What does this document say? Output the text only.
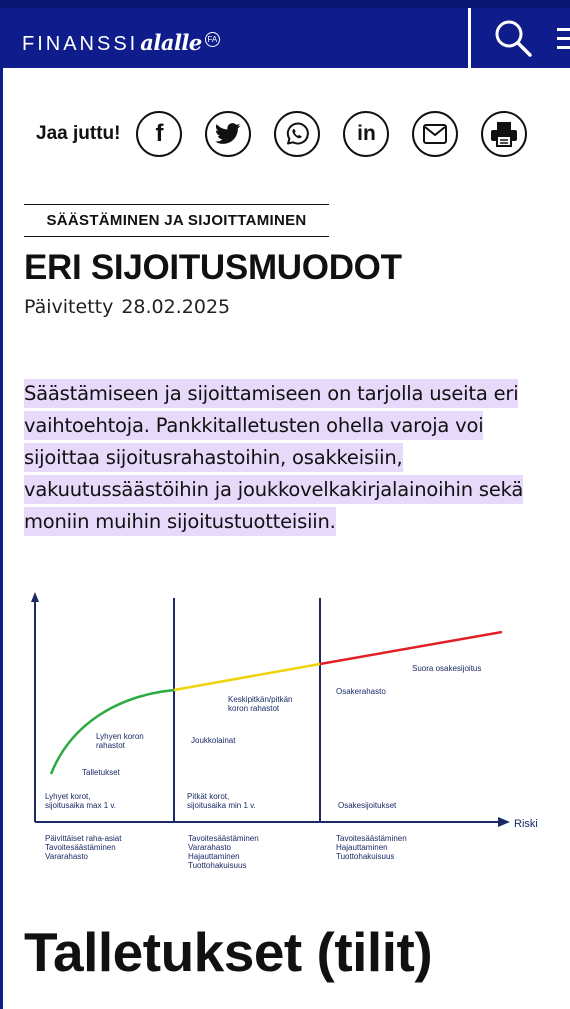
FINANSSI alalle FA
Jaa juttu! f	in
SÄÄSTÄMINEN JA SIJOITTAMINEN
ERI SIJOITUSMUODOT
Päivitetty 28.02.2025

Säästämiseen ja sijoittamiseen on tarjolla useita eri vaihtoehtoja. Pankkitalletusten ohella varoja voi sijoittaa sijoitusrahastoihin, osakkeisiin, vakuutussäästöihin ja joukkovelkakirjalainoihin sekä moniin muihin sijoitustuotteisiin.

Riski
Talletukset
Lyhyen koron
rahastot
Keskipitkän/pitkän
koron rahastot
Joukkolainat
Osakerahasto
Suora osakesijoitus
Osakesijoitukset
Lyhyet korot,
sijoitusaika max 1 v.
Pitkät korot,
sijoitusaika min 1 v.
Päivittäiset raha-asiat
Tavoitesäästäminen
Vararahasto
Tavoitesäästäminen
Vararahasto
Hajauttaminen
Tuottohakuisuus
Tavoitesäästäminen
Hajauttaminen
Tuottohakuisuus
Talletukset (tilit)
